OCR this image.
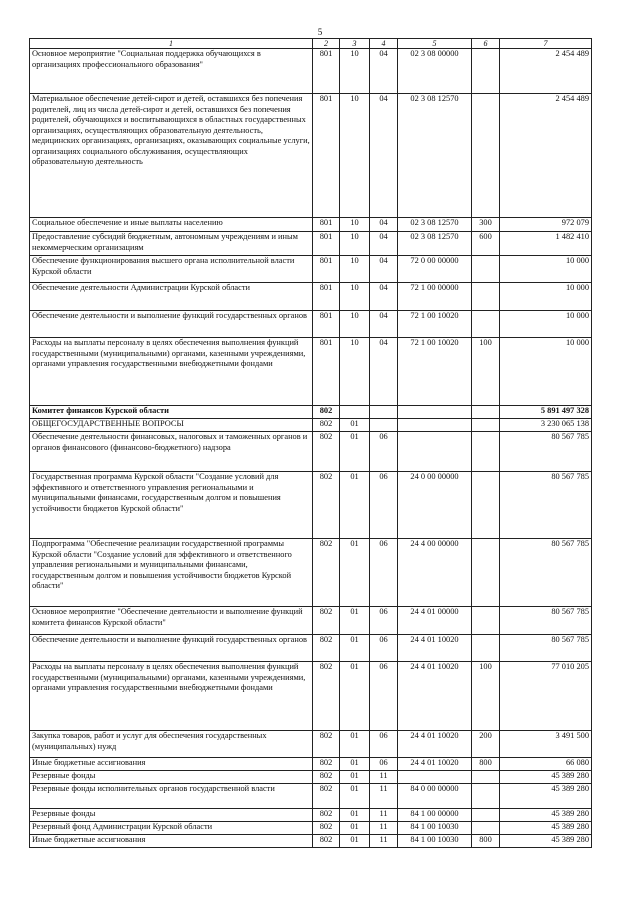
5
1	2	3	4	5	6	7
Основное мероприятие "Социальная поддержка обучающихся в организациях профессионального образования"	801	10	04	02 3 08 00000		2 454 489
Материальное обеспечение детей-сирот и детей, оставшихся без попечения родителей, лиц из числа детей-сирот и детей, оставшихся без попечения родителей, обучающихся и воспитывающихся в областных государственных организациях, осуществляющих образовательную деятельность, медицинских организациях, организациях, оказывающих социальные услуги, организациях социального обслуживания, осуществляющих образовательную деятельность	801	10	04	02 3 08 12570		2 454 489
Социальное обеспечение и иные выплаты населению	801	10	04	02 3 08 12570	300	972 079
Предоставление субсидий бюджетным, автономным учреждениям и иным некоммерческим организациям	801	10	04	02 3 08 12570	600	1 482 410
Обеспечение функционирования высшего органа исполнительной власти Курской области	801	10	04	72 0 00 00000		10 000
Обеспечение деятельности Администрации Курской области	801	10	04	72 1 00 00000		10 000
Обеспечение деятельности и выполнение функций государственных органов	801	10	04	72 1 00 10020		10 000
Расходы на выплаты персоналу в целях обеспечения выполнения функций государственными (муниципальными) органами, казенными учреждениями, органами управления государственными внебюджетными фондами	801	10	04	72 1 00 10020	100	10 000
Комитет финансов Курской области	802					5 891 497 328
ОБЩЕГОСУДАРСТВЕННЫЕ ВОПРОСЫ	802	01				3 230 065 138
Обеспечение деятельности финансовых, налоговых и таможенных органов и органов финансового (финансово-бюджетного) надзора	802	01	06			80 567 785
Государственная программа Курской области "Создание условий для эффективного и ответственного управления региональными и муниципальными финансами, государственным долгом и повышения устойчивости бюджетов Курской области"	802	01	06	24 0 00 00000		80 567 785
Подпрограмма "Обеспечение реализации государственной программы Курской области "Создание условий для эффективного и ответственного управления региональными и муниципальными финансами, государственным долгом и повышения устойчивости бюджетов Курской области"	802	01	06	24 4 00 00000		80 567 785
Основное мероприятие "Обеспечение деятельности и выполнение функций комитета финансов Курской области"	802	01	06	24 4 01 00000		80 567 785
Обеспечение деятельности и выполнение функций государственных органов	802	01	06	24 4 01 10020		80 567 785
Расходы на выплаты персоналу в целях обеспечения выполнения функций государственными (муниципальными) органами, казенными учреждениями, органами управления государственными внебюджетными фондами	802	01	06	24 4 01 10020	100	77 010 205
Закупка товаров, работ и услуг для обеспечения государственных (муниципальных) нужд	802	01	06	24 4 01 10020	200	3 491 500
Иные бюджетные ассигнования	802	01	06	24 4 01 10020	800	66 080
Резервные фонды	802	01	11			45 389 280
Резервные фонды исполнительных органов государственной власти	802	01	11	84 0 00 00000		45 389 280
Резервные фонды	802	01	11	84 1 00 00000		45 389 280
Резервный фонд Администрации Курской области	802	01	11	84 1 00 10030		45 389 280
Иные бюджетные ассигнования	802	01	11	84 1 00 10030	800	45 389 280
